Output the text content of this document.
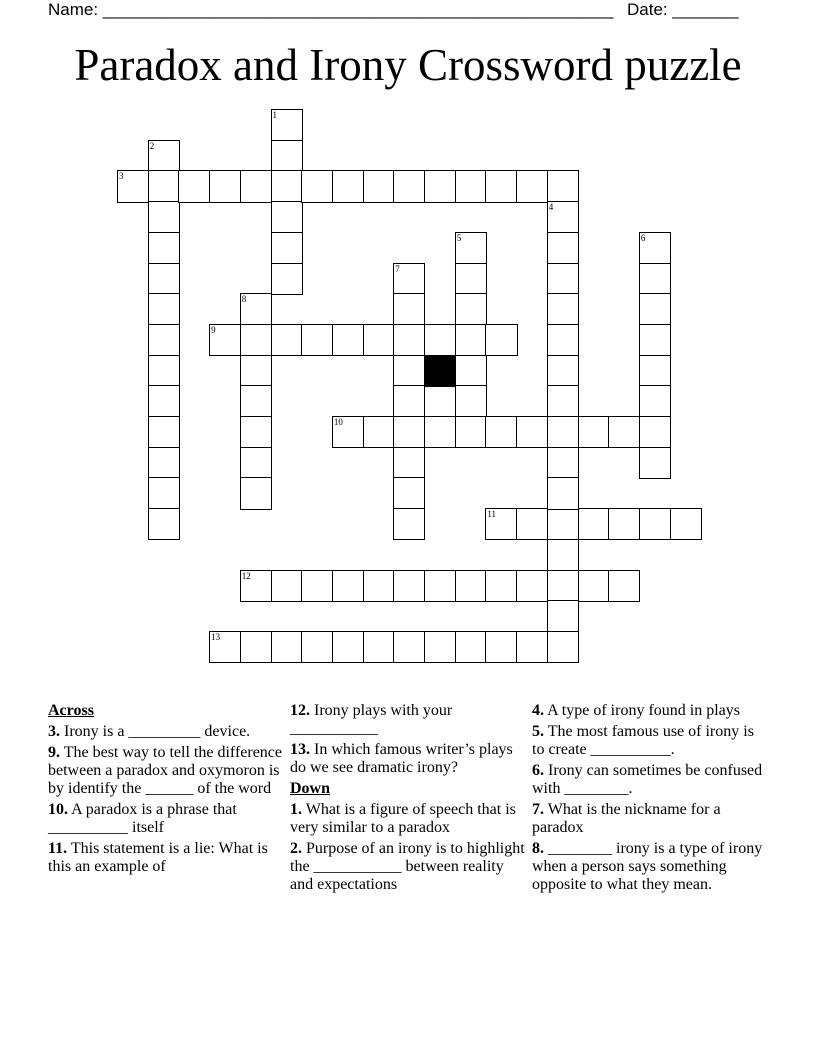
Name: ______________________________________________________ Date: _______
Paradox and Irony Crossword puzzle
1
2
3
4
5	6
7
8
9
10
11
12
13
Across
3. Irony is a _________ device.
9. The best way to tell the difference between a paradox and oxymoron is by identify the ______ of the word
10. A paradox is a phrase that __________ itself
11. This statement is a lie: What is this an example of
12. Irony plays with your ___________
13. In which famous writer’s plays do we see dramatic irony?
Down
1. What is a figure of speech that is very similar to a paradox
2. Purpose of an irony is to highlight the ___________ between reality and expectations
4. A type of irony found in plays
5. The most famous use of irony is to create __________.
6. Irony can sometimes be confused with ________.
7. What is the nickname for a paradox
8. ________ irony is a type of irony when a person says something opposite to what they mean.
